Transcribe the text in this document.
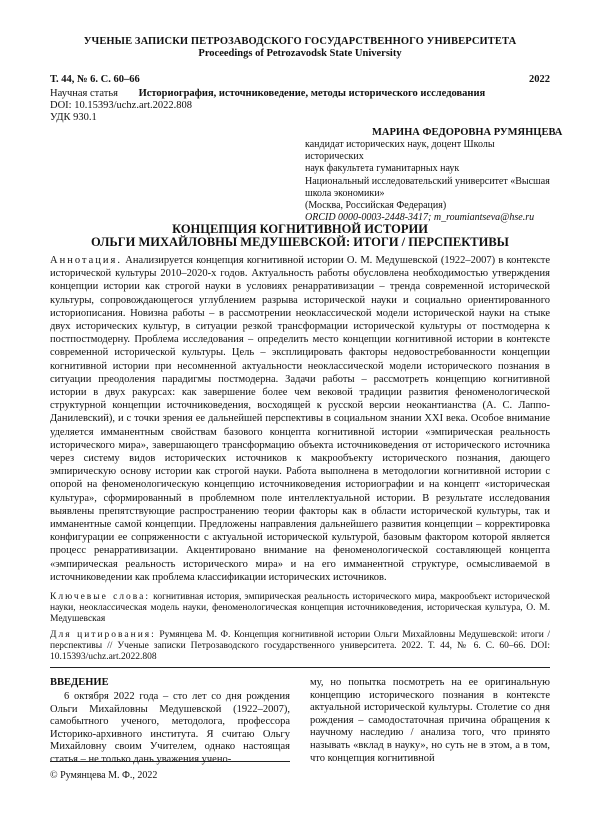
УЧЕНЫЕ ЗАПИСКИ ПЕТРОЗАВОДСКОГО ГОСУДАРСТВЕННОГО УНИВЕРСИТЕТА
Proceedings of Petrozavodsk State University
Т. 44, № 6. С. 60–66	2022
Научная статья Историография, источниковедение, методы исторического исследования
DOI: 10.15393/uchz.art.2022.808
УДК 930.1
МАРИНА ФЕДОРОВНА РУМЯНЦЕВА
кандидат исторических наук, доцент Школы исторических
наук факультета гуманитарных наук
Национальный исследовательский университет «Высшая
школа экономики»
(Москва, Российская Федерация)
ORCID 0000-0003-2448-3417; m_roumiantseva@hse.ru
КОНЦЕПЦИЯ КОГНИТИВНОЙ ИСТОРИИ
ОЛЬГИ МИХАЙЛОВНЫ МЕДУШЕВСКОЙ: ИТОГИ / ПЕРСПЕКТИВЫ
Аннотация. Анализируется концепция когнитивной истории О. М. Медушевской (1922–2007) в контексте исторической культуры 2010–2020-х годов. Актуальность работы обусловлена необходимостью утверждения концепции истории как строгой науки в условиях ренарративизации – тренда современной исторической культуры, сопровождающегося углублением разрыва исторической науки и социально ориентированного историописания. Новизна работы – в рассмотрении неоклассической модели исторической науки на стыке двух исторических культур, в ситуации резкой трансформации исторической культуры от постмодерна к постпостмодерну. Проблема исследования – определить место концепции когнитивной истории в контексте современной исторической культуры. Цель – эксплицировать факторы недовостребованности концепции когнитивной истории при несомненной актуальности неоклассической модели исторического познания в ситуации преодоления парадигмы постмодерна. Задачи работы – рассмотреть концепцию когнитивной истории в двух ракурсах: как завершение более чем вековой традиции развития феноменологической структурной концепции источниковедения, восходящей к русской версии неокантианства (А. С. Лаппо-Данилевский), и с точки зрения ее дальнейшей перспективы в социальном знании XXI века. Особое внимание уделяется имманентным свойствам базового концепта когнитивной истории «эмпирическая реальность исторического мира», завершающего трансформацию объекта источниковедения от исторического источника через систему видов исторических источников к макрообъекту исторического познания, дающего эмпирическую основу истории как строгой науки. Работа выполнена в методологии когнитивной истории с опорой на феноменологическую концепцию источниковедения историографии и на концепт «историческая культура», сформированный в проблемном поле интеллектуальной истории. В результате исследования выявлены препятствующие распространению теории факторы как в области исторической культуры, так и имманентные самой концепции. Предложены направления дальнейшего развития концепции – корректировка конфигурации ее сопряженности с актуальной исторической культурой, базовым фактором которой является процесс ренарративизации. Акцентировано внимание на феноменологической составляющей концепта «эмпирическая реальность исторического мира» и на его имманентной структуре, осмысливаемой в источниковедении как проблема классификации исторических источников.
Ключевые слова: когнитивная история, эмпирическая реальность исторического мира, макрообъект исторической науки, неоклассическая модель науки, феноменологическая концепция источниковедения, историческая культура, О. М. Медушевская
Для цитирования: Румянцева М. Ф. Концепция когнитивной истории Ольги Михайловны Медушевской: итоги / перспективы // Ученые записки Петрозаводского государственного университета. 2022. Т. 44, № 6. С. 60–66. DOI: 10.15393/uchz.art.2022.808
ВВЕДЕНИЕ
6 октября 2022 года – сто лет со дня рождения Ольги Михайловны Медушевской (1922–2007), самобытного ученого, методолога, профессора Историко-архивного института. Я считаю Ольгу Михайловну своим Учителем, однако настоящая статья – не только дань уважения учено-
му, но попытка посмотреть на ее оригинальную концепцию исторического познания в контексте актуальной исторической культуры. Столетие со дня рождения – самодостаточная причина обращения к научному наследию / анализа того, что принято называть «вклад в науку», но суть не в этом, а в том, что концепция когнитивной
© Румянцева М. Ф., 2022
